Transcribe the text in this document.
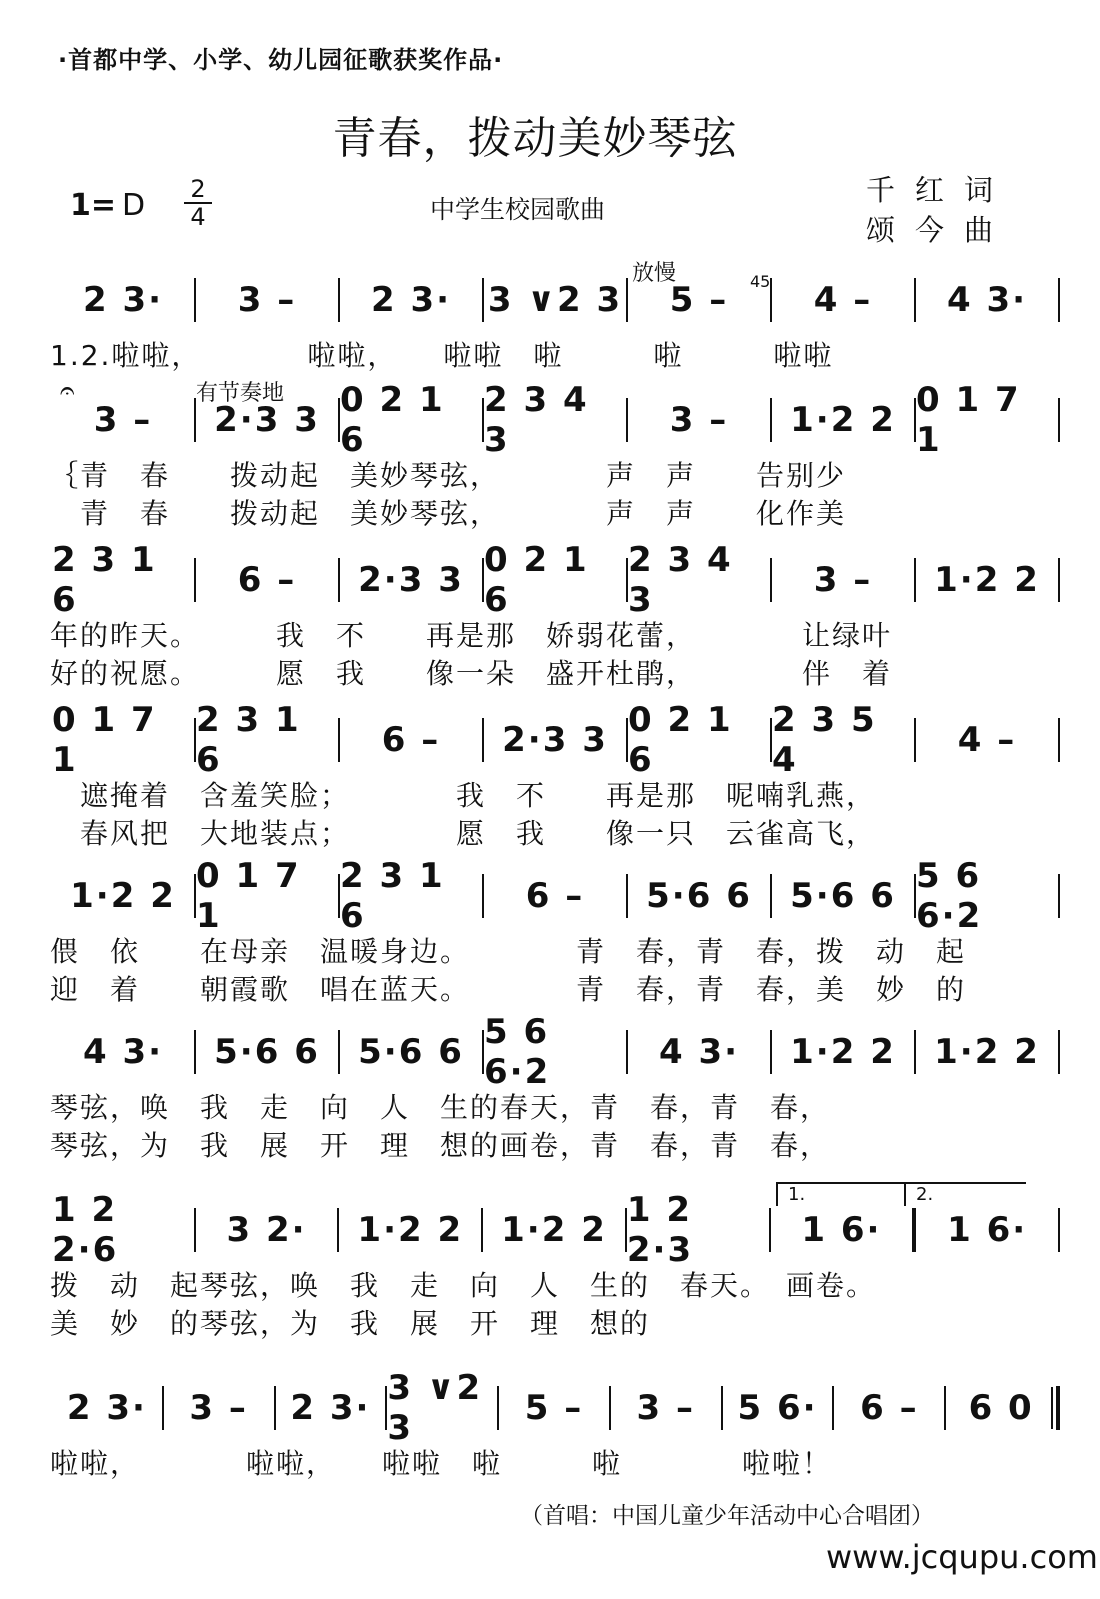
·首都中学、小学、幼儿园征歌获奖作品·
青春，拨动美妙琴弦
1= D	2
4	中学生校园歌曲
千红词
颂今曲
放慢
有节奏地
45
𝄐
2 3·	3 –	2 3·	3 ∨2 3	5 –	4 –	4 3·
1.2.啦啦，　　　　啦啦，　　啦啦　啦　　　啦　　　啦啦
3 –	2·3 3 0 2 1 6
2 3 4 3	3 –	1·2 2 0 1 7 1
｛青　春　　拨动起　美妙琴弦，　　　　声　声　　告别少
　青　春　　拨动起　美妙琴弦，　　　　声　声　　化作美
2 3 1 6	6 –	2·3 3 0 2 1 6
2 3 4 3	3 –	1·2 2
年的昨天。　　　我　不　　再是那　娇弱花蕾，　　　　让绿叶
好的祝愿。　　　愿　我　　像一朵　盛开杜鹃，　　　　伴　着
0 1 7 1
2 3 1 6	6 –	2·3 3 0 2 1 6
2 3 5 4	4 –
　遮掩着　含羞笑脸；　　　　我　不　　再是那　呢喃乳燕，
　春风把　大地装点；　　　　愿　我　　像一只　云雀高飞，
1·2 2 0 1 7 1
2 3 1 6	6 –	5·6 6	5·6 6 5 6 6·2
偎　依　　在母亲　温暖身边。　　　　青　春，青　春，拨　动　起
迎　着　　朝霞歌　唱在蓝天。　　　　青　春，青　春，美　妙　的
4 3·	5·6 6	5·6 6 5 6 6·2	4 3·	1·2 2	1·2 2
琴弦，唤　我　走　向　人　生的春天，青　春，青　春，
琴弦，为　我　展　开　理　想的画卷，青　春，青　春，
1 2 2·6	3 2·	1·2 2	1·2 2 1 2 2·3	1 6·	1 6·
拨　动　起琴弦，唤　我　走　向　人　生的　春天。　画卷。
美　妙　的琴弦，为　我　展　开　理　想的
2 3·	3 –	2 3· 3 ∨2 3	5 –	3 –	5 6·	6 –	6 0
啦啦，　　　　啦啦，　　啦啦　啦　　　啦　　　　啦啦！
1.	2.
（首唱：中国儿童少年活动中心合唱团）
www.jcqupu.com
